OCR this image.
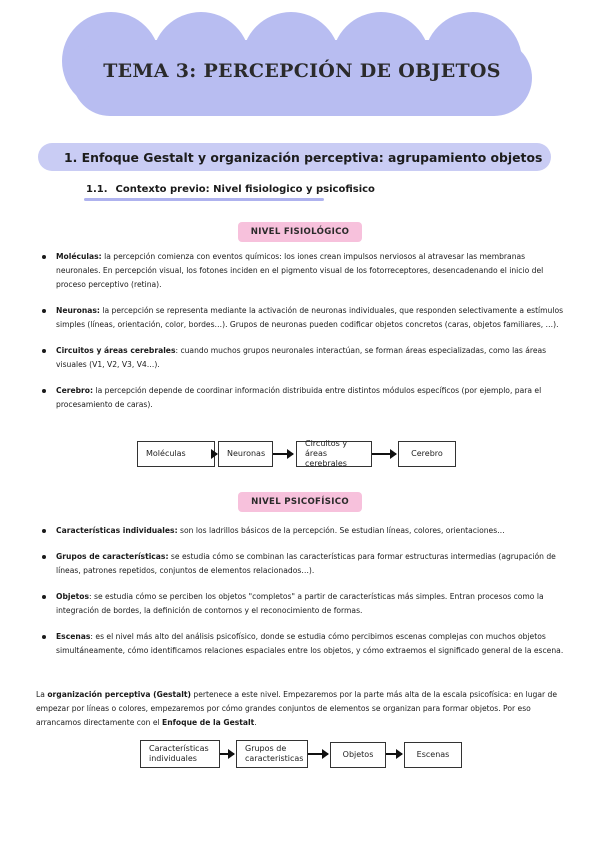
TEMA 3: PERCEPCIÓN DE OBJETOS
1. Enfoque Gestalt y organización perceptiva: agrupamiento objetos
1.1. Contexto previo: Nivel fisiologico y psicofisico
NIVEL FISIOLÓGICO
Moléculas: la percepción comienza con eventos químicos: los iones crean impulsos nerviosos al atravesar las membranas neuronales. En percepción visual, los fotones inciden en el pigmento visual de los fotorreceptores, desencadenando el inicio del proceso perceptivo (retina).
Neuronas: la percepción se representa mediante la activación de neuronas individuales, que responden selectivamente a estímulos simples (líneas, orientación, color, bordes…). Grupos de neuronas pueden codificar objetos concretos (caras, objetos familiares, …).
Circuitos y áreas cerebrales: cuando muchos grupos neuronales interactúan, se forman áreas especializadas, como las áreas visuales (V1, V2, V3, V4…).
Cerebro: la percepción depende de coordinar información distribuida entre distintos módulos específicos (por ejemplo, para el procesamiento de caras).
Moléculas	Neuronas
Circuitos y áreas cerebrales
Cerebro
NIVEL PSICOFÍSICO
Características individuales: son los ladrillos básicos de la percepción. Se estudian líneas, colores, orientaciones…
Grupos de características: se estudia cómo se combinan las características para formar estructuras intermedias (agrupación de líneas, patrones repetidos, conjuntos de elementos relacionados…).
Objetos: se estudia cómo se perciben los objetos "completos" a partir de características más simples. Entran procesos como la integración de bordes, la definición de contornos y el reconocimiento de formas.
Escenas: es el nivel más alto del análisis psicofísico, donde se estudia cómo percibimos escenas complejas con muchos objetos simultáneamente, cómo identificamos relaciones espaciales entre los objetos, y cómo extraemos el significado general de la escena.

La organización perceptiva (Gestalt) pertenece a este nivel. Empezaremos por la parte más alta de la escala psicofísica: en lugar de empezar por líneas o colores, empezaremos por cómo grandes conjuntos de elementos se organizan para formar objetos. Por eso arrancamos directamente con el Enfoque de la Gestalt.

Características individuales
Grupos de caracteristicas	Objetos	Escenas
